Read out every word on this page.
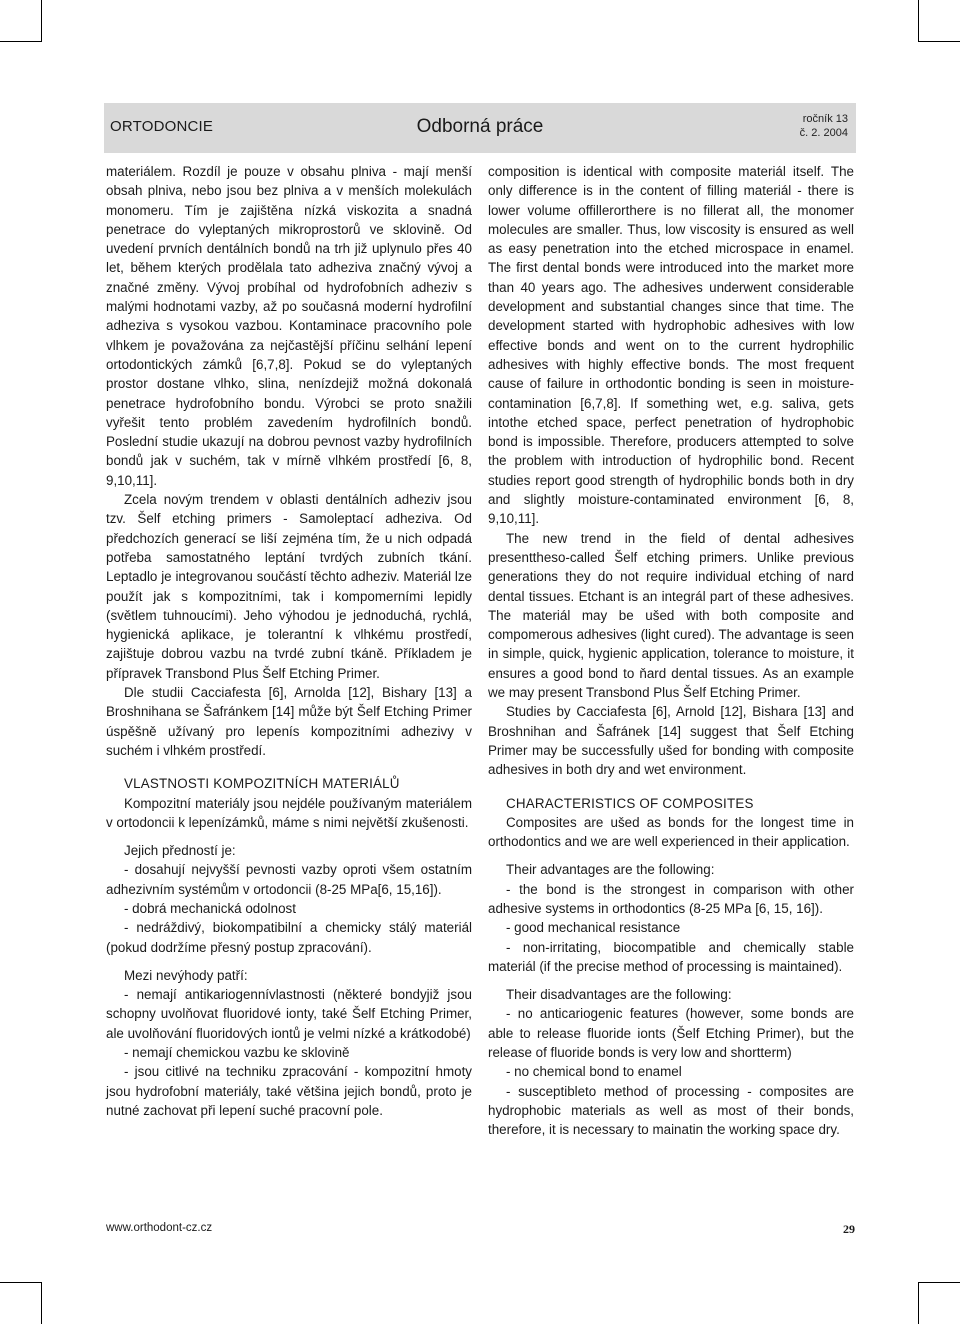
ORTODONCIE	Odborná práce	ročník 13
č. 2. 2004

materiálem. Rozdíl je pouze v obsahu plniva - mají menší obsah plniva, nebo jsou bez plniva a v menších molekulách monomeru. Tím je zajištěna nízká viskozita a snadná penetrace do vyleptaných mikroprostorů ve sklovině. Od uvedení prvních dentálních bondů na trh již uplynulo přes 40 let, během kterých prodělala tato adheziva značný vývoj a značné změny. Vývoj probíhal od hydrofobních adheziv s malými hodnotami vazby, až po současná moderní hydrofilní adheziva s vysokou vazbou. Kontaminace pracovního pole vlhkem je považována za nejčastější příčinu selhání lepení ortodontických zámků [6,7,8]. Pokud se do vyleptaných prostor dostane vlhko, slina, nenízdejiž možná dokonalá penetrace hydrofobního bondu. Výrobci se proto snažili vyřešit tento problém zavedením hydrofilních bondů. Poslední studie ukazují na dobrou pevnost vazby hydrofilních bondů jak v suchém, tak v mírně vlhkém prostředí [6, 8, 9,10,11].

Zcela novým trendem v oblasti dentálních adheziv jsou tzv. Šelf etching primers - Samoleptací adheziva. Od předchozích generací se liší zejména tím, že u nich odpadá potřeba samostatného leptání tvrdých zubních tkání. Leptadlo je integrovanou součástí těchto adheziv. Materiál lze použít jak s kompozitními, tak i kompomerními lepidly (světlem tuhnoucími). Jeho výhodou je jednoduchá, rychlá, hygienická aplikace, je tolerantní k vlhkému prostředí, zajištuje dobrou vazbu na tvrdé zubní tkáně. Příkladem je přípravek Transbond Plus Šelf Etching Primer.

Dle studii Cacciafesta [6], Arnolda [12], Bishary [13] a Broshnihana se Šafránkem [14] může být Šelf Etching Primer úspěšně užívaný pro lepenís kompozitními adhezivy v suchém i vlhkém prostředí.

VLASTNOSTI KOMPOZITNÍCH MATERIÁLŮ

Kompozitní materiály jsou nejdéle používaným materiálem v ortodoncii k lepenízámků, máme s nimi největší zkušenosti.

Jejich předností je:

- dosahují nejvyšší pevnosti vazby oproti všem ostatním adhezivním systémům v ortodoncii (8-25 MPa[6, 15,16]).

- dobrá mechanická odolnost

- nedráždivý, biokompatibilní a chemicky stálý materiál (pokud dodržíme přesný postup zpracování).

Mezi nevýhody patří:

- nemají antikariogennívlastnosti (některé bondyjiž jsou schopny uvolňovat fluoridové ionty, také Šelf Etching Primer, ale uvolňování fluoridových iontů je velmi nízké a krátkodobé)

- nemají chemickou vazbu ke sklovině

- jsou citlivé na techniku zpracování - kompozitní hmoty jsou hydrofobní materiály, také většina jejich bondů, proto je nutné zachovat při lepení suché pracovní pole.

composition is identical with composite materiál itself. The only difference is in the content of filling materiál - there is lower volume offillerorthere is no fillerat all, the monomer molecules are smaller. Thus, low viscosity is ensured as well as easy penetration into the etched microspace in enamel. The first dental bonds were introduced into the market more than 40 years ago. The adhesives underwent considerable development and substantial changes since that time. The development started with hydrophobic adhesives with low effective bonds and went on to the current hydrophilic adhesives with highly effective bonds. The most frequent cause of failure in orthodontic bonding is seen in moisture-contamination [6,7,8]. If something wet, e.g. saliva, gets intothe etched space, perfect penetration of hydrophobic bond is impossible. Therefore, producers attempted to solve the problem with introduction of hydrophilic bond. Recent studies report good strength of hydrophilic bonds both in dry and slightly moisture-contaminated environment [6, 8, 9,10,11].

The new trend in the field of dental adhesives presenttheso-called Šelf etching primers. Unlike previous generations they do not require individual etching of nard dental tissues. Etchant is an integrál part of these adhesives. The materiál may be ušed with both composite and compomerous adhesives (light cured). The advantage is seen in simple, quick, hygienic application, tolerance to moisture, it ensures a good bond to ňard dental tissues. As an example we may present Transbond Plus Šelf Etching Primer.

Studies by Cacciafesta [6], Arnold [12], Bishara [13] and Broshnihan and Šafránek [14] suggest that Šelf Etching Primer may be successfully ušed for bonding with composite adhesives in both dry and wet environment.

CHARACTERISTICS OF COMPOSITES

Composites are ušed as bonds for the longest time in orthodontics and we are well experienced in their application.

Their advantages are the following:

- the bond is the strongest in comparison with other adhesive systems in orthodontics (8-25 MPa [6, 15, 16]).

- good mechanical resistance

- non-irritating, biocompatible and chemically stable materiál (if the precise method of processing is maintained).

Their disadvantages are the following:

- no anticariogenic features (however, some bonds are able to release fluoride ionts (Šelf Etching Primer), but the release of fluoride bonds is very low and shortterm)

- no chemical bond to enamel

- susceptibleto method of processing - composites are hydrophobic materials as well as most of their bonds, therefore, it is necessary to mainatin the working space dry.

www.orthodont-cz.cz	29
